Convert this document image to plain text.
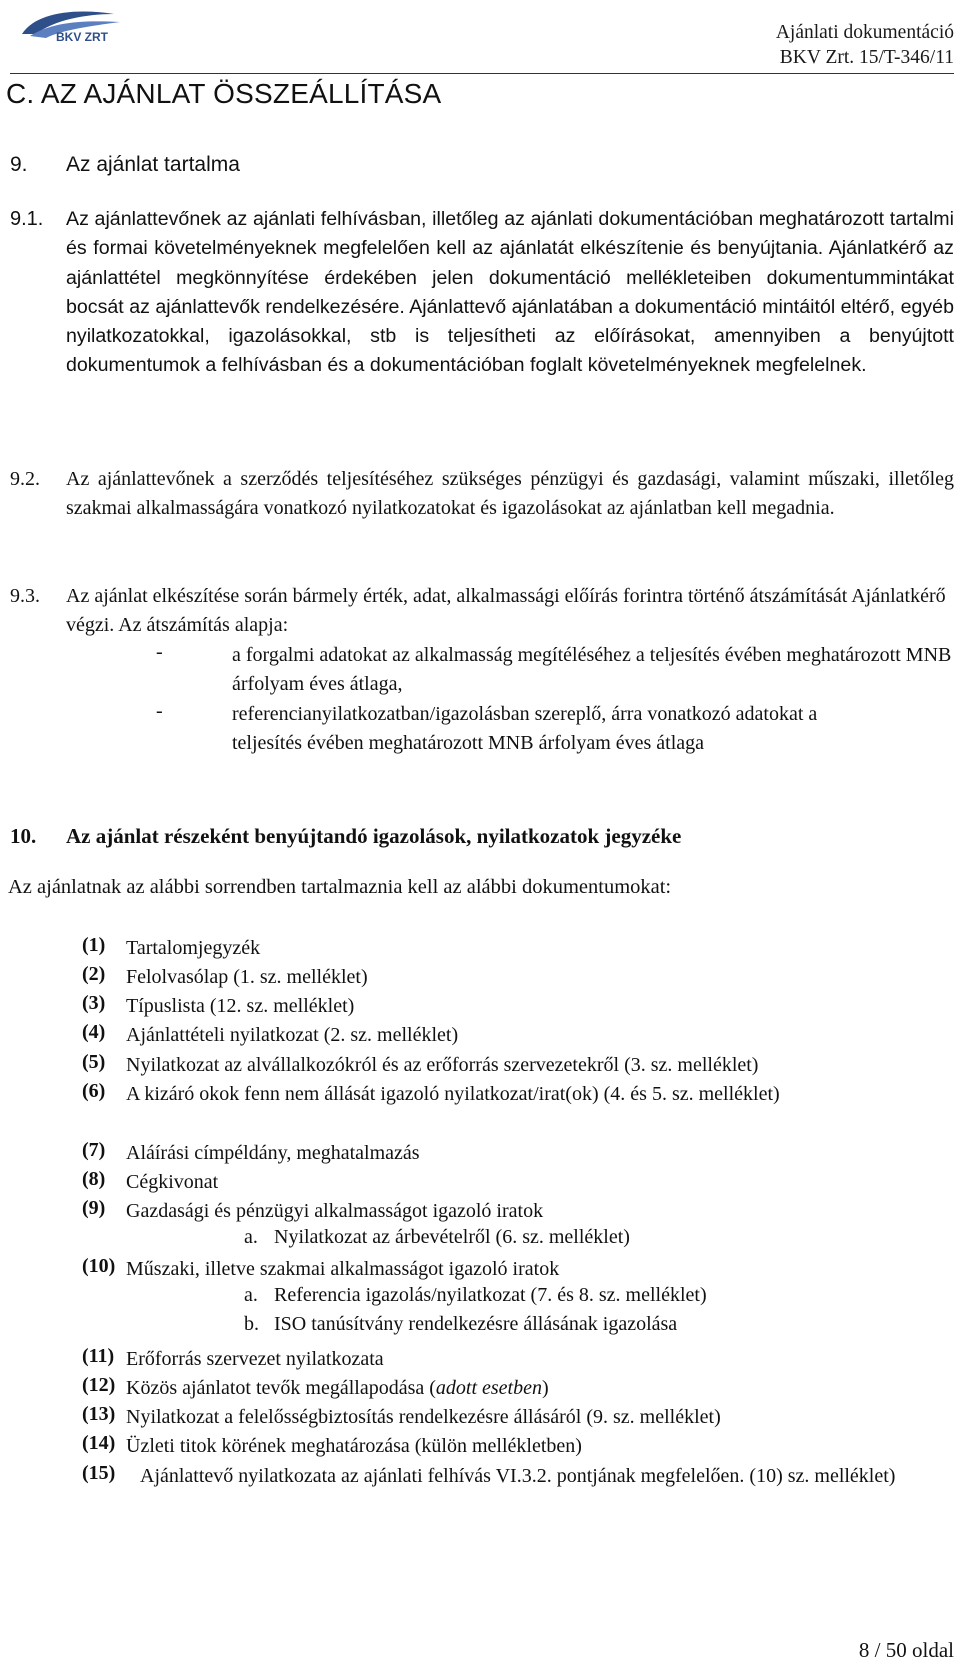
BKV ZRT	Ajánlati dokumentáció
BKV Zrt. 15/T-346/11
C. AZ AJÁNLAT ÖSSZEÁLLÍTÁSA
9. Az ajánlat tartalma
9.1. Az ajánlattevőnek az ajánlati felhívásban, illetőleg az ajánlati dokumentációban meghatározott tartalmi és formai követelményeknek megfelelően kell az ajánlatát elkészítenie és benyújtania. Ajánlatkérő az ajánlattétel megkönnyítése érdekében jelen dokumentáció mellékleteiben dokumentummintákat bocsát az ajánlattevők rendelkezésére. Ajánlattevő ajánlatában a dokumentáció mintáitól eltérő, egyéb nyilatkozatokkal, igazolásokkal, stb is teljesítheti az előírásokat, amennyiben a benyújtott dokumentumok a felhívásban és a dokumentációban foglalt követelményeknek megfelelnek.
9.2. Az ajánlattevőnek a szerződés teljesítéséhez szükséges pénzügyi és gazdasági, valamint műszaki, illetőleg szakmai alkalmasságára vonatkozó nyilatkozatokat és igazolásokat az ajánlatban kell megadnia.
9.3. Az ajánlat elkészítése során bármely érték, adat, alkalmassági előírás forintra történő átszámítását Ajánlatkérő végzi. Az átszámítás alapja:
-	a forgalmi adatokat az alkalmasság megítéléséhez a teljesítés évében meghatározott MNB árfolyam éves átlaga,
-	referencianyilatkozatban/igazolásban szereplő, árra vonatkozó adatokat a teljesítés évében meghatározott MNB árfolyam éves átlaga
10. Az ajánlat részeként benyújtandó igazolások, nyilatkozatok jegyzéke
Az ajánlatnak az alábbi sorrendben tartalmaznia kell az alábbi dokumentumokat:
(1) Tartalomjegyzék
(2) Felolvasólap (1. sz. melléklet)
(3) Típuslista (12. sz. melléklet)
(4) Ajánlattételi nyilatkozat (2. sz. melléklet)
(5) Nyilatkozat az alvállalkozókról és az erőforrás szervezetekről (3. sz. melléklet)
(6) A kizáró okok fenn nem állását igazoló nyilatkozat/irat(ok) (4. és 5. sz. melléklet)
(7) Aláírási címpéldány, meghatalmazás
(8) Cégkivonat
(9) Gazdasági és pénzügyi alkalmasságot igazoló iratok
a. Nyilatkozat az árbevételről (6. sz. melléklet)
(10) Műszaki, illetve szakmai alkalmasságot igazoló iratok
a. Referencia igazolás/nyilatkozat (7. és 8. sz. melléklet)
b. ISO tanúsítvány rendelkezésre állásának igazolása
(11) Erőforrás szervezet nyilatkozata
(12) Közös ajánlatot tevők megállapodása (adott esetben)
(13) Nyilatkozat a felelősségbiztosítás rendelkezésre állásáról (9. sz. melléklet)
(14) Üzleti titok körének meghatározása (külön mellékletben)
(15)	Ajánlattevő nyilatkozata az ajánlati felhívás VI.3.2. pontjának megfelelően. (10) sz. melléklet)
8 / 50 oldal
